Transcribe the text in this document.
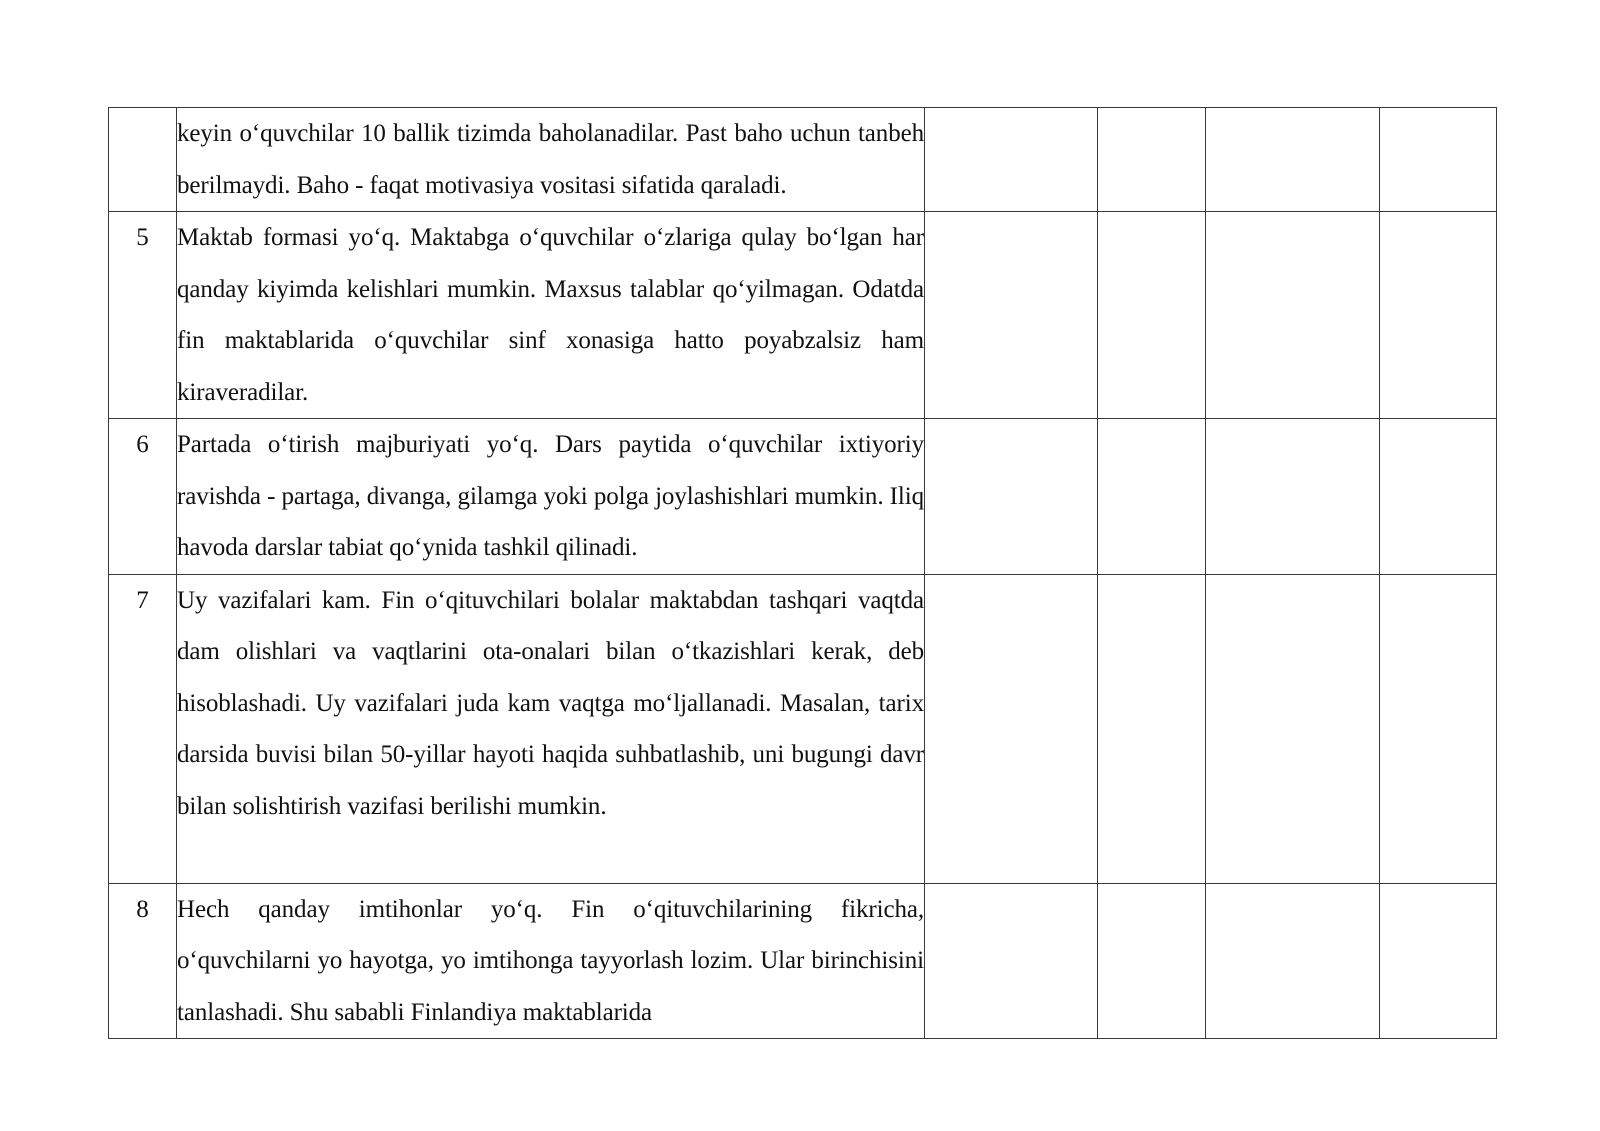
	keyin o‘quvchilar 10 ballik tizimda baholanadilar. Past baho uchun tanbeh berilmaydi. Baho - faqat motivasiya vositasi sifatida qaraladi.				

5	Maktab formasi yo‘q. Maktabga o‘quvchilar o‘zlariga qulay bo‘lgan har qanday kiyimda kelishlari mumkin. Maxsus talablar qo‘yilmagan. Odatda fin maktablarida o‘quvchilar sinf xonasiga hatto poyabzalsiz ham kiraveradilar.				

6	Partada o‘tirish majburiyati yo‘q. Dars paytida o‘quvchilar ixtiyoriy ravishda - partaga, divanga, gilamga yoki polga joylashishlari mumkin. Iliq havoda darslar tabiat qo‘ynida tashkil qilinadi.				

7	Uy vazifalari kam. Fin o‘qituvchilari bolalar maktabdan tashqari vaqtda dam olishlari va vaqtlarini ota-onalari bilan o‘tkazishlari kerak, deb hisoblashadi. Uy vazifalari juda kam vaqtga mo‘ljallanadi. Masalan, tarix darsida buvisi bilan 50-yillar hayoti haqida suhbatlashib, uni bugungi davr bilan solishtirish vazifasi berilishi mumkin.				

8	Hech qanday imtihonlar yo‘q. Fin o‘qituvchilarining fikricha, o‘quvchilarni yo hayotga, yo imtihonga tayyorlash lozim. Ular birinchisini tanlashadi. Shu sababli Finlandiya maktablarida				
